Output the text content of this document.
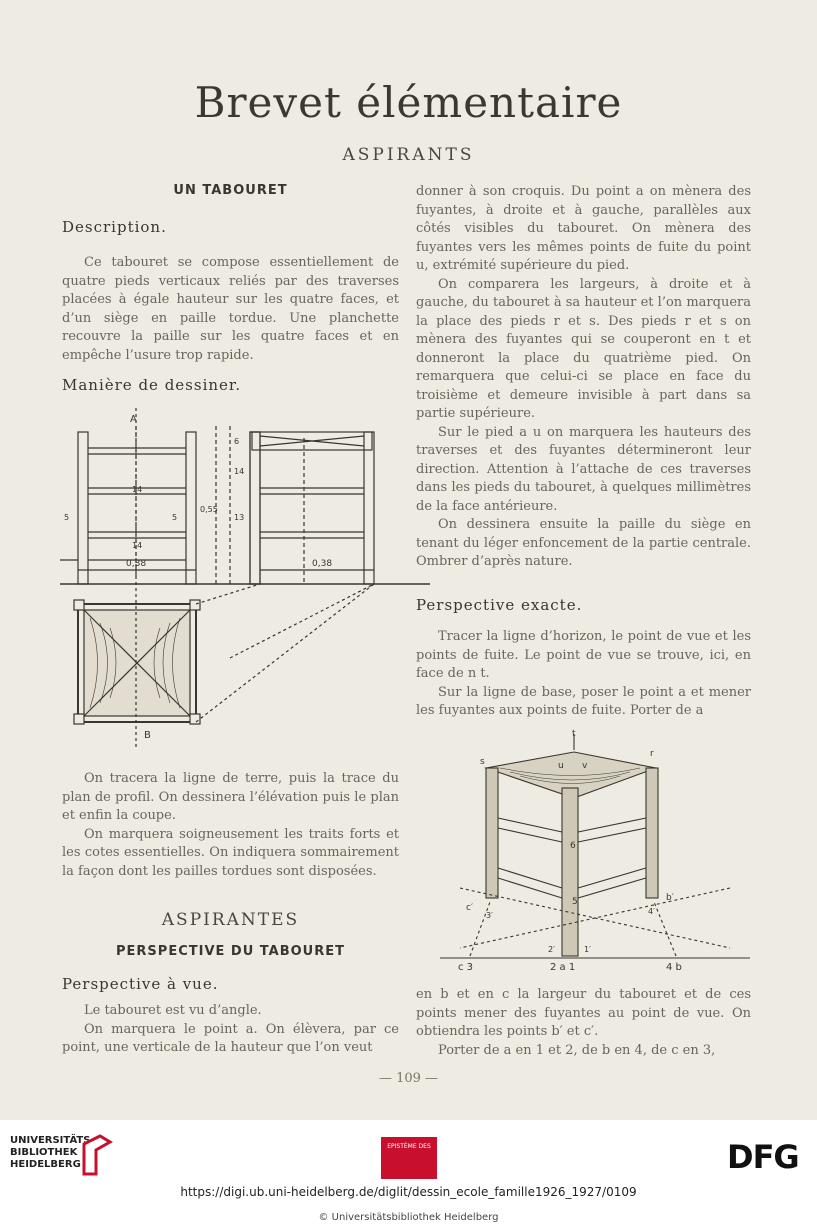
Brevet élémentaire
ASPIRANTS
UN TABOURET
Description.

Ce tabouret se compose essentiellement de quatre pieds verticaux reliés par des traverses placées à égale hauteur sur les quatre faces, et d’un siège en paille tordue. Une planchette recouvre la paille sur les quatre faces et en empêche l’usure trop rapide.

Manière de dessiner.
A
B
5	5
14
14
14
0,55
13
0,38	0,38
6

On tracera la ligne de terre, puis la trace du plan de profil. On dessinera l’élévation puis le plan et enfin la coupe.

On marquera soigneusement les traits forts et les cotes essentielles. On indiquera sommairement la façon dont les pailles tordues sont disposées.

ASPIRANTES
PERSPECTIVE DU TABOURET
Perspective à vue.

Le tabouret est vu d’angle.

On marquera le point a. On élèvera, par ce point, une verticale de la hauteur que l’on veut

donner à son croquis. Du point a on mènera des fuyantes, à droite et à gauche, parallèles aux côtés visibles du tabouret. On mènera des fuyantes vers les mêmes points de fuite du point u, extrémité supérieure du pied.

On comparera les largeurs, à droite et à gauche, du tabouret à sa hauteur et l’on marquera la place des pieds r et s. Des pieds r et s on mènera des fuyantes qui se couperont en t et donneront la place du quatrième pied. On remarquera que celui-ci se place en face du troisième et demeure invisible à part dans sa partie supérieure.

Sur le pied a u on marquera les hauteurs des traverses et des fuyantes détermineront leur direction. Attention à l’attache de ces traverses dans les pieds du tabouret, à quelques millimètres de la face antérieure.

On dessinera ensuite la paille du siège en tenant du léger enfoncement de la partie centrale. Ombrer d’après nature.

Perspective exacte.

Tracer la ligne d’horizon, le point de vue et les points de fuite. Le point de vue se trouve, ici, en face de n t.

Sur la ligne de base, poser le point a et mener les fuyantes aux points de fuite. Porter de a

t
r
s	u v
6
5
c′
b′
3′	4′
2′	1′
c 3	2 a 1	4 b

en b et en c la largeur du tabouret et de ces points mener des fuyantes au point de vue. On obtiendra les points b′ et c′.

Porter de a en 1 et 2, de b en 4, de c en 3,

— 109 —
UNIVERSITÄTS-
BIBLIOTHEK
HEIDELBERG
EPISTÈME DES	DFG
https://digi.ub.uni-heidelberg.de/diglit/dessin_ecole_famille1926_1927/0109
© Universitätsbibliothek Heidelberg
